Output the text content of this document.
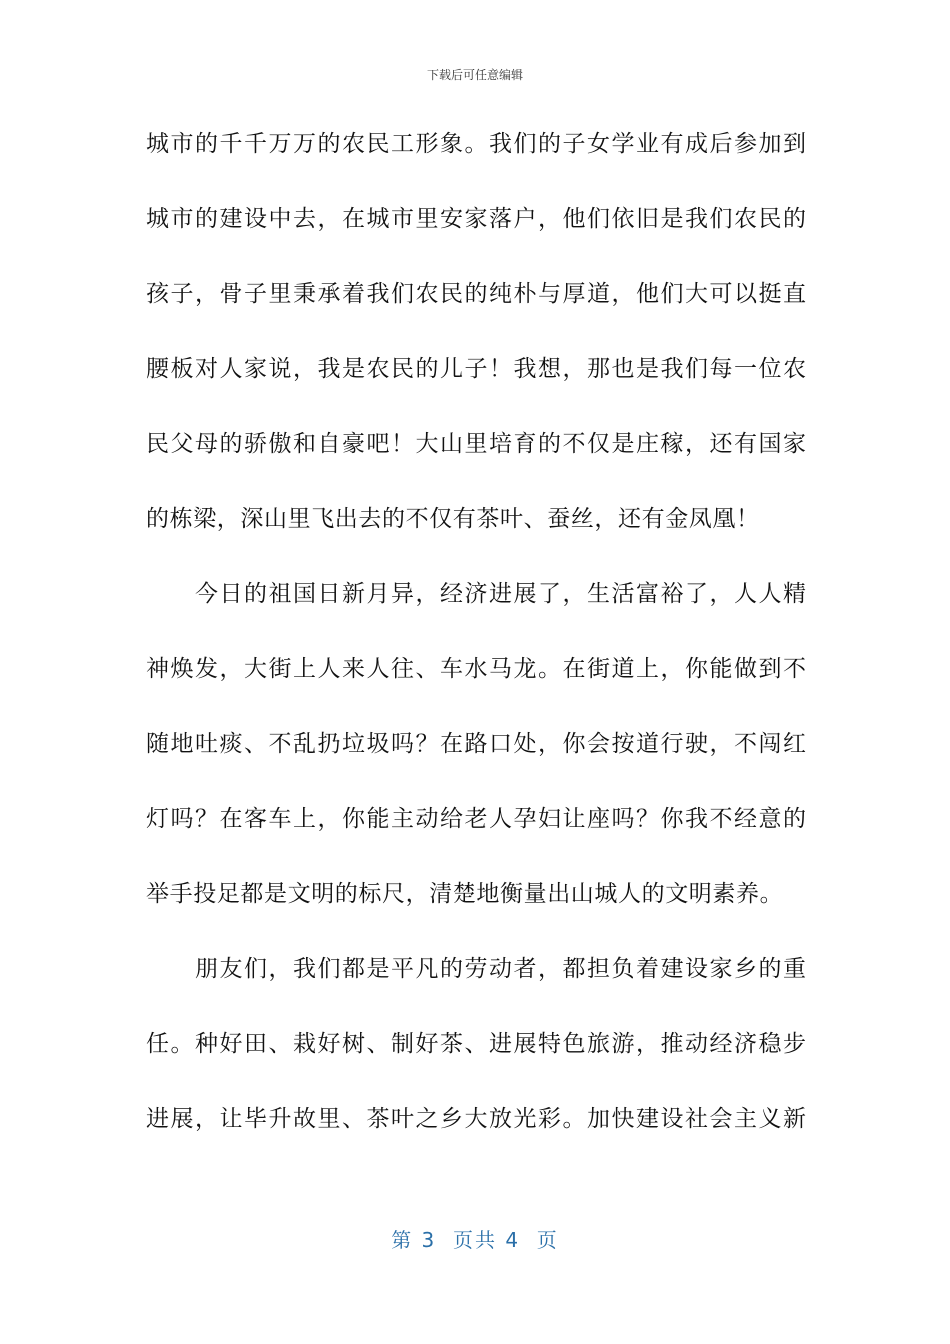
下载后可任意编辑
城市的千千万万的农民工形象。我们的子女学业有成后参加到
城市的建设中去，在城市里安家落户，他们依旧是我们农民的
孩子，骨子里秉承着我们农民的纯朴与厚道，他们大可以挺直
腰板对人家说，我是农民的儿子！我想，那也是我们每一位农
民父母的骄傲和自豪吧！大山里培育的不仅是庄稼，还有国家
的栋梁，深山里飞出去的不仅有茶叶、蚕丝，还有金凤凰！
　　今日的祖国日新月异，经济进展了，生活富裕了，人人精
神焕发，大街上人来人往、车水马龙。在街道上，你能做到不
随地吐痰、不乱扔垃圾吗？在路口处，你会按道行驶，不闯红
灯吗？在客车上，你能主动给老人孕妇让座吗？你我不经意的
举手投足都是文明的标尺，清楚地衡量出山城人的文明素养。
　　朋友们，我们都是平凡的劳动者，都担负着建设家乡的重
任。种好田、栽好树、制好茶、进展特色旅游，推动经济稳步
进展，让毕升故里、茶叶之乡大放光彩。加快建设社会主义新
第 3  页共 4  页
